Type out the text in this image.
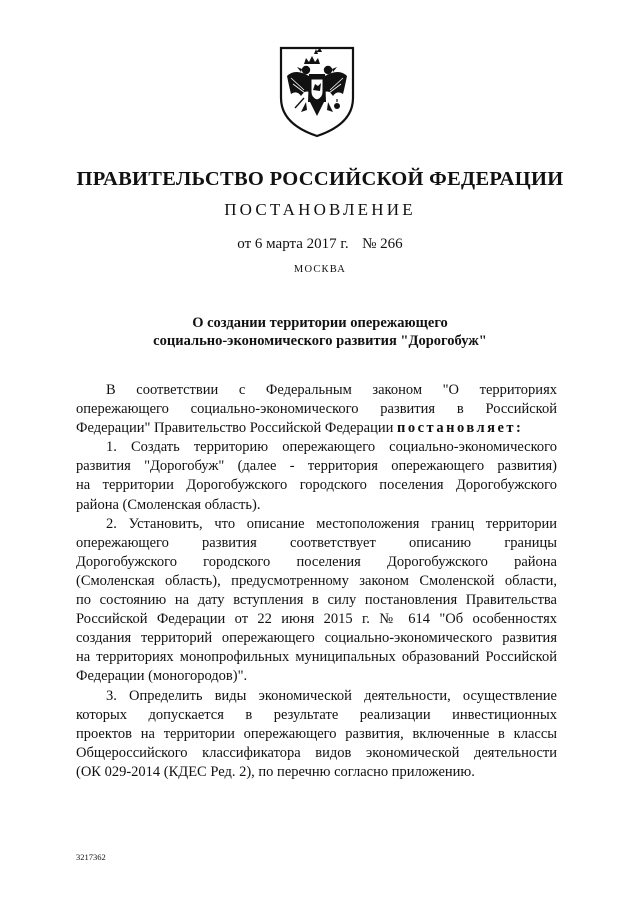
ПРАВИТЕЛЬСТВО РОССИЙСКОЙ ФЕДЕРАЦИИ
ПОСТАНОВЛЕНИЕ
от 6 марта 2017 г. № 266
МОСКВА
О создании территории опережающего
социально-экономического развития "Дорогобуж"
В соответствии с Федеральным законом "О территориях
опережающего социально-экономического развития в Российской
Федерации" Правительство Российской Федерации постановляет:
1. Создать территорию опережающего социально-экономического
развития "Дорогобуж" (далее - территория опережающего развития)
на территории Дорогобужского городского поселения Дорогобужского
района (Смоленская область).
2. Установить, что описание местоположения границ территории
опережающего развития соответствует описанию границы
Дорогобужского городского поселения Дорогобужского района
(Смоленская область), предусмотренному законом Смоленской области,
по состоянию на дату вступления в силу постановления Правительства
Российской Федерации от 22 июня 2015 г. № 614 "Об особенностях
создания территорий опережающего социально-экономического развития
на территориях монопрофильных муниципальных образований Российской
Федерации (моногородов)".
3. Определить виды экономической деятельности, осуществление
которых допускается в результате реализации инвестиционных
проектов на территории опережающего развития, включенные в классы
Общероссийского классификатора видов экономической деятельности
(ОК 029-2014 (КДЕС Ред. 2), по перечню согласно приложению.
3217362
